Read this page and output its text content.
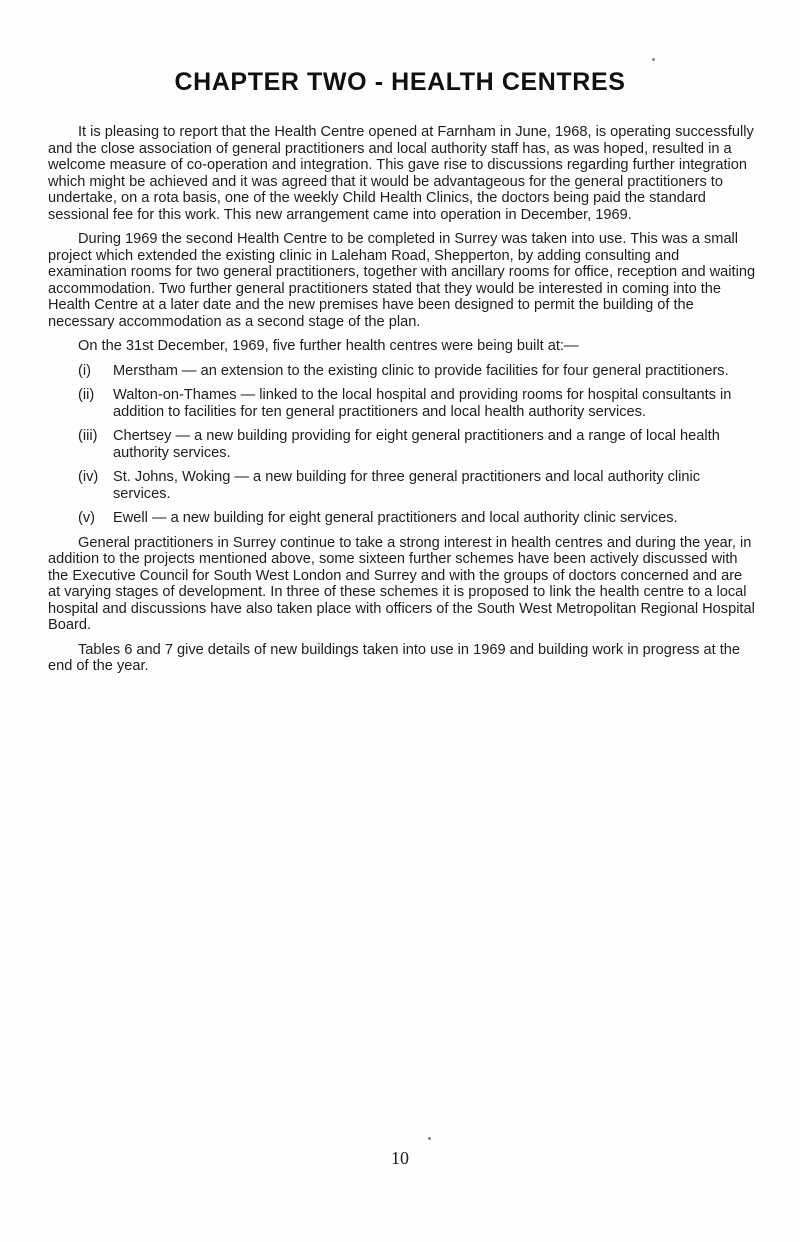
CHAPTER TWO - HEALTH CENTRES

It is pleasing to report that the Health Centre opened at Farnham in June, 1968, is operating successfully and the close association of general practitioners and local authority staff has, as was hoped, resulted in a welcome measure of co-operation and integration. This gave rise to discussions regarding further integration which might be achieved and it was agreed that it would be advantageous for the general practitioners to undertake, on a rota basis, one of the weekly Child Health Clinics, the doctors being paid the standard sessional fee for this work. This new arrangement came into operation in December, 1969.

During 1969 the second Health Centre to be completed in Surrey was taken into use. This was a small project which extended the existing clinic in Laleham Road, Shepperton, by adding consulting and examination rooms for two general practitioners, together with ancillary rooms for office, reception and waiting accommodation. Two further general practitioners stated that they would be interested in coming into the Health Centre at a later date and the new premises have been designed to permit the building of the necessary accommodation as a second stage of the plan.

On the 31st December, 1969, five further health centres were being built at:—

(i)	Merstham — an extension to the existing clinic to provide facilities for four general practitioners.
(ii)	Walton-on-Thames — linked to the local hospital and providing rooms for hospital consultants in addition to facilities for ten general practitioners and local health authority services.
(iii)	Chertsey — a new building providing for eight general practitioners and a range of local health authority services.
(iv)	St. Johns, Woking — a new building for three general practitioners and local authority clinic services.
(v)	Ewell — a new building for eight general practitioners and local authority clinic services.

General practitioners in Surrey continue to take a strong interest in health centres and during the year, in addition to the projects mentioned above, some sixteen further schemes have been actively discussed with the Executive Council for South West London and Surrey and with the groups of doctors concerned and are at varying stages of development. In three of these schemes it is proposed to link the health centre to a local hospital and discussions have also taken place with officers of the South West Metropolitan Regional Hospital Board.

Tables 6 and 7 give details of new buildings taken into use in 1969 and building work in progress at the end of the year.

10
